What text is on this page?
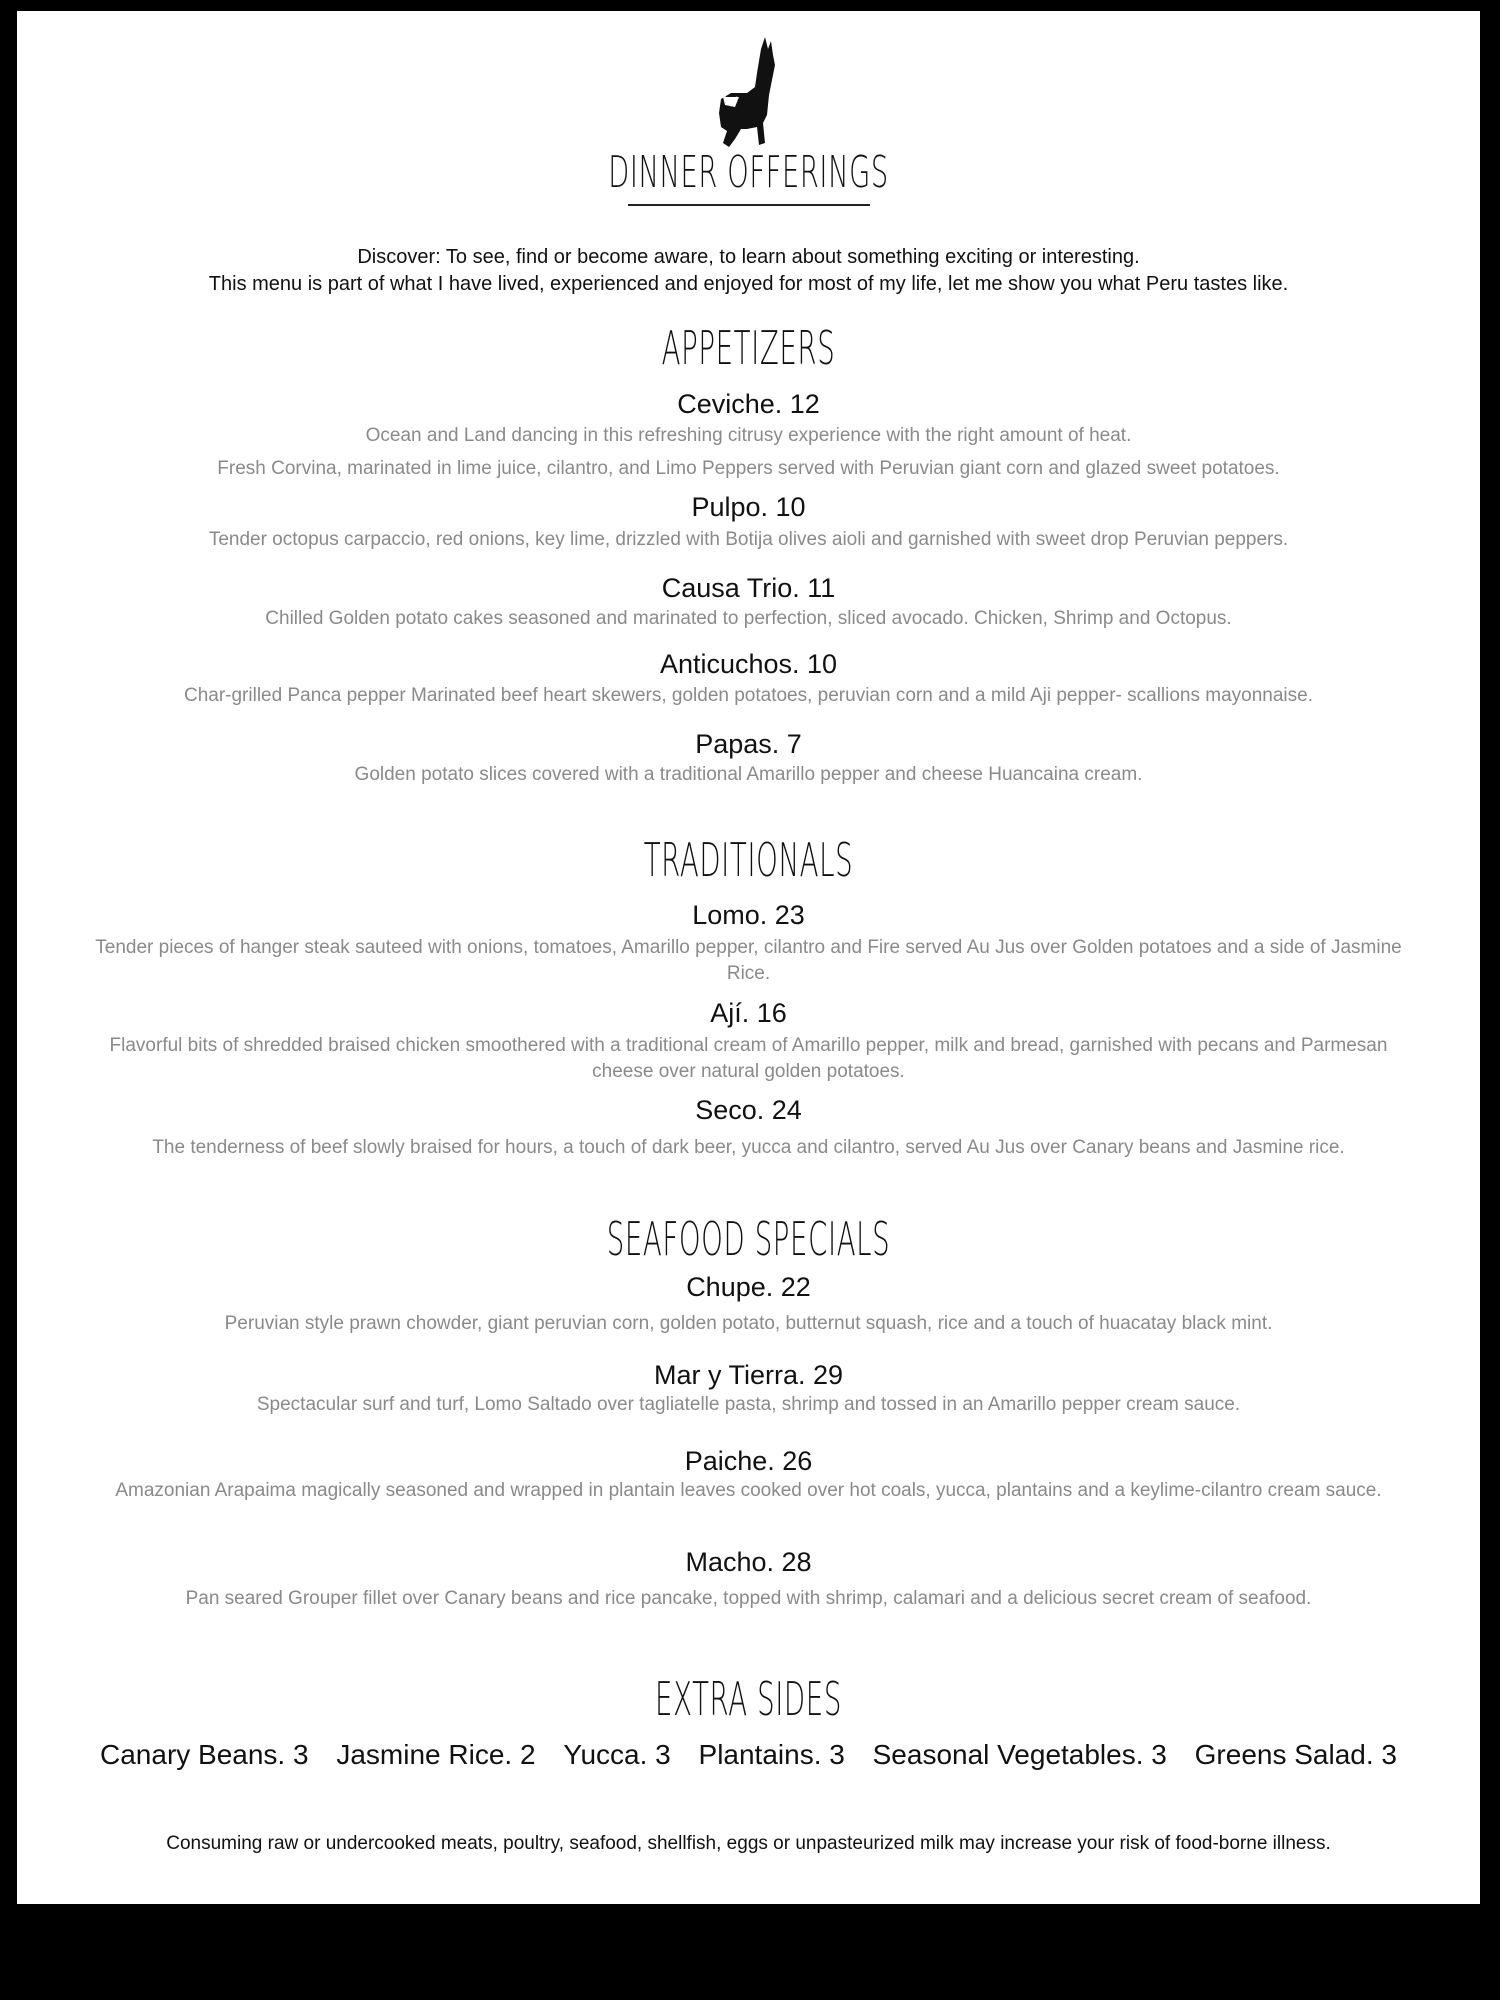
DINNER OFFERINGS
Discover: To see, find or become aware, to learn about something exciting or interesting.
This menu is part of what I have lived, experienced and enjoyed for most of my life, let me show you what Peru tastes like.
APPETIZERS
Ceviche. 12
Ocean and Land dancing in this refreshing citrusy experience with the right amount of heat.
Fresh Corvina, marinated in lime juice, cilantro, and Limo Peppers served with Peruvian giant corn and glazed sweet potatoes.
Pulpo. 10
Tender octopus carpaccio, red onions, key lime, drizzled with Botija olives aioli and garnished with sweet drop Peruvian peppers.
Causa Trio. 11
Chilled Golden potato cakes seasoned and marinated to perfection, sliced avocado. Chicken, Shrimp and Octopus.
Anticuchos. 10
Char-grilled Panca pepper Marinated beef heart skewers, golden potatoes, peruvian corn and a mild Aji pepper- scallions mayonnaise.
Papas. 7
Golden potato slices covered with a traditional Amarillo pepper and cheese Huancaina cream.
TRADITIONALS
Lomo. 23
Tender pieces of hanger steak sauteed with onions, tomatoes, Amarillo pepper, cilantro and Fire served Au Jus over Golden potatoes and a side of Jasmine Rice.
Ají. 16
Flavorful bits of shredded braised chicken smoothered with a traditional cream of Amarillo pepper, milk and bread, garnished with pecans and Parmesan cheese over natural golden potatoes.
Seco. 24
The tenderness of beef slowly braised for hours, a touch of dark beer, yucca and cilantro, served Au Jus over Canary beans and Jasmine rice.
SEAFOOD SPECIALS
Chupe. 22
Peruvian style prawn chowder, giant peruvian corn, golden potato, butternut squash, rice and a touch of huacatay black mint.
Mar y Tierra. 29
Spectacular surf and turf, Lomo Saltado over tagliatelle pasta, shrimp and tossed in an Amarillo pepper cream sauce.
Paiche. 26
Amazonian Arapaima magically seasoned and wrapped in plantain leaves cooked over hot coals, yucca, plantains and a keylime-cilantro cream sauce.
Macho. 28
Pan seared Grouper fillet over Canary beans and rice pancake, topped with shrimp, calamari and a delicious secret cream of seafood.
EXTRA SIDES
Canary Beans. 3 Jasmine Rice. 2 Yucca. 3 Plantains. 3 Seasonal Vegetables. 3 Greens Salad. 3
Consuming raw or undercooked meats, poultry, seafood, shellfish, eggs or unpasteurized milk may increase your risk of food-borne illness.
